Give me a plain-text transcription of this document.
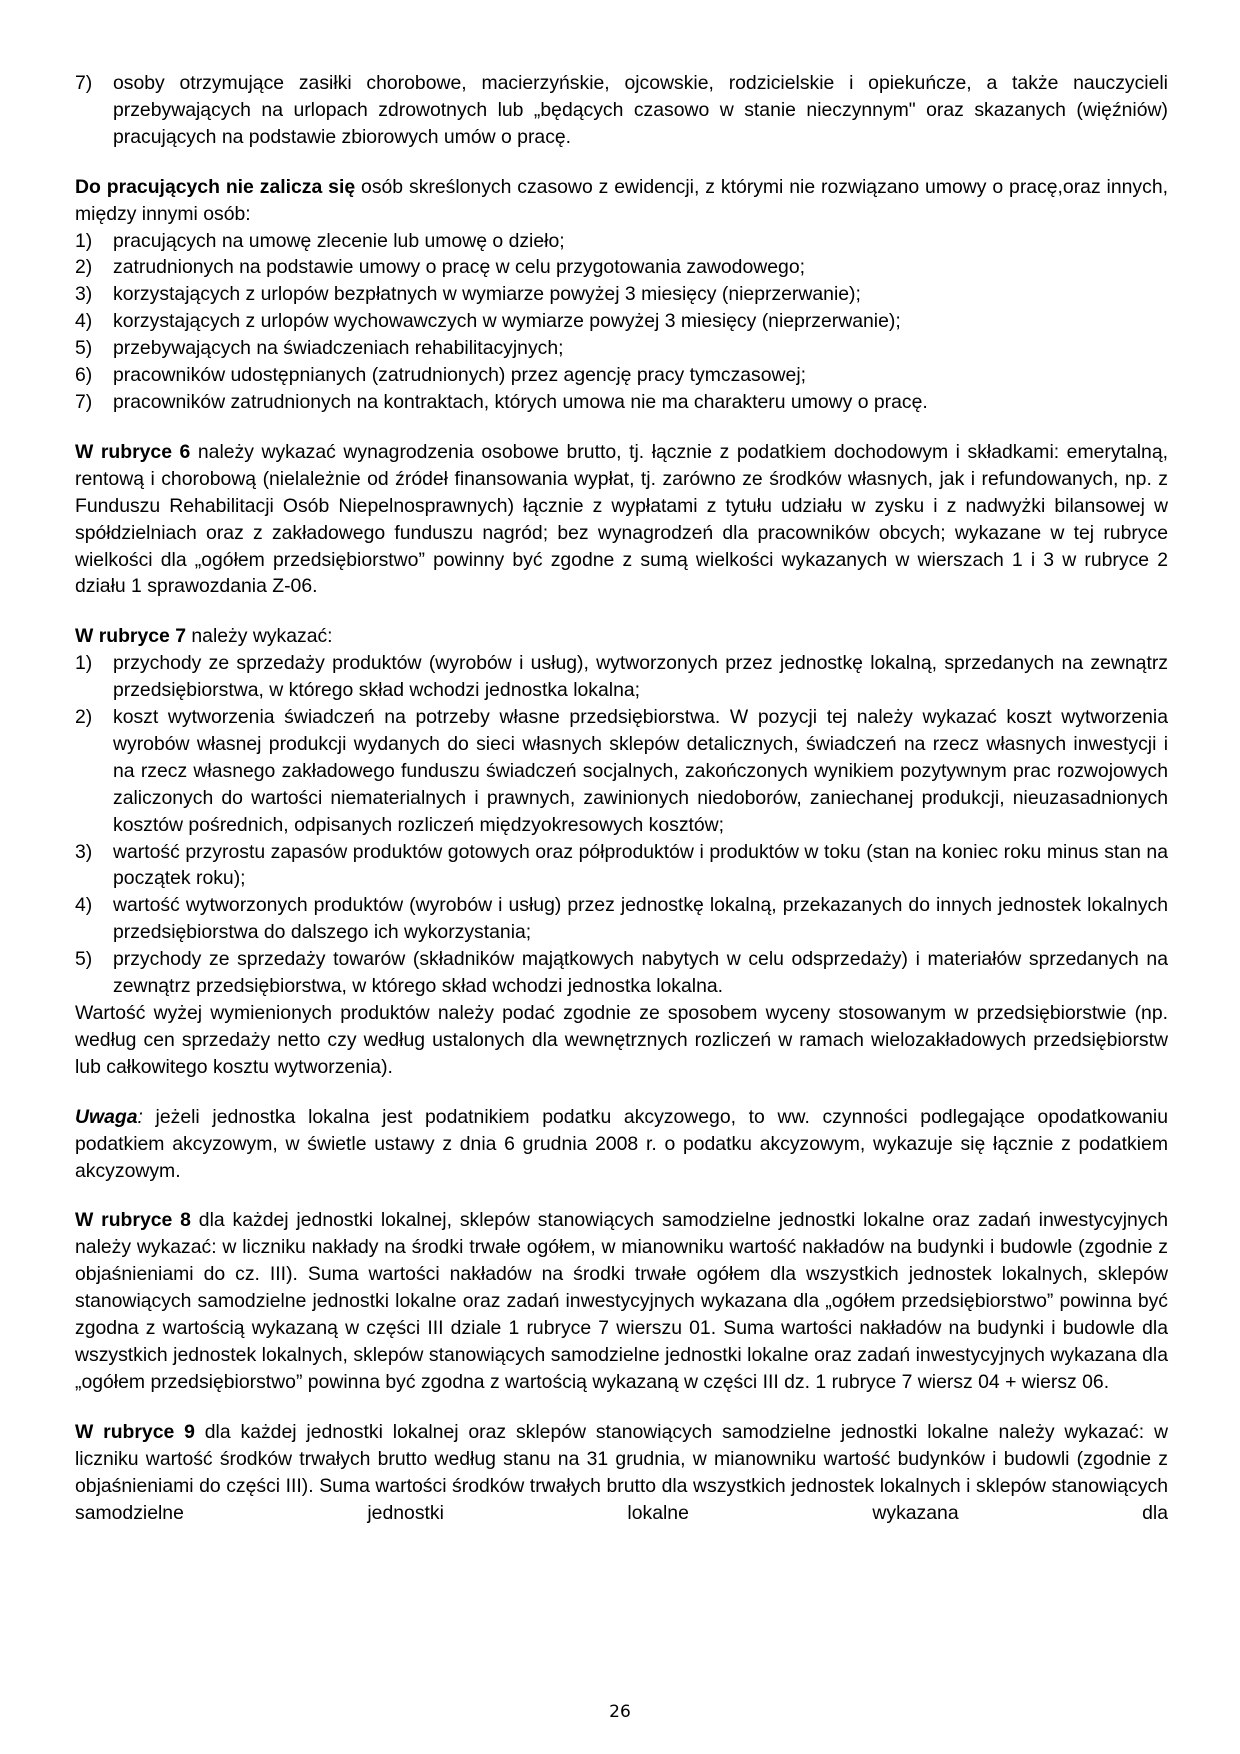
7)	osoby otrzymujące zasiłki chorobowe, macierzyńskie, ojcowskie, rodzicielskie i opiekuńcze, a także nauczycieli przebywających na urlopach zdrowotnych lub „będących czasowo w stanie nieczynnym" oraz skazanych (więźniów) pracujących na podstawie zbiorowych umów o pracę.

Do pracujących nie zalicza się osób skreślonych czasowo z ewidencji, z którymi nie rozwiązano umowy o pracę,oraz innych, między innymi osób:

1)	pracujących na umowę zlecenie lub umowę o dzieło;
2)	zatrudnionych na podstawie umowy o pracę w celu przygotowania zawodowego;
3)	korzystających z urlopów bezpłatnych w wymiarze powyżej 3 miesięcy (nieprzerwanie);
4)	korzystających z urlopów wychowawczych w wymiarze powyżej 3 miesięcy (nieprzerwanie);
5)	przebywających na świadczeniach rehabilitacyjnych;
6)	pracowników udostępnianych (zatrudnionych) przez agencję pracy tymczasowej;
7)	pracowników zatrudnionych na kontraktach, których umowa nie ma charakteru umowy o pracę.

W rubryce 6 należy wykazać wynagrodzenia osobowe brutto, tj. łącznie z podatkiem dochodowym i składkami: emerytalną, rentową i chorobową (nielależnie od źródeł finansowania wypłat, tj. zarówno ze środków własnych, jak i refundowanych, np. z Funduszu Rehabilitacji Osób Niepelnosprawnych) łącznie z wypłatami z tytułu udziału w zysku i z nadwyżki bilansowej w spółdzielniach oraz z zakładowego funduszu nagród; bez wynagrodzeń dla pracowników obcych; wykazane w tej rubryce wielkości dla „ogółem przedsiębiorstwo” powinny być zgodne z sumą wielkości wykazanych w wierszach 1 i 3 w rubryce 2 działu 1 sprawozdania Z-06.

W rubryce 7 należy wykazać:

1)	przychody ze sprzedaży produktów (wyrobów i usług), wytworzonych przez jednostkę lokalną, sprzedanych na zewnątrz przedsiębiorstwa, w którego skład wchodzi jednostka lokalna;
2)	koszt wytworzenia świadczeń na potrzeby własne przedsiębiorstwa. W pozycji tej należy wykazać koszt wytworzenia wyrobów własnej produkcji wydanych do sieci własnych sklepów detalicznych, świadczeń na rzecz własnych inwestycji i na rzecz własnego zakładowego funduszu świadczeń socjalnych, zakończonych wynikiem pozytywnym prac rozwojowych zaliczonych do wartości niematerialnych i prawnych, zawinionych niedoborów, zaniechanej produkcji, nieuzasadnionych kosztów pośrednich, odpisanych rozliczeń międzyokresowych kosztów;
3)	wartość przyrostu zapasów produktów gotowych oraz półproduktów i produktów w toku (stan na koniec roku minus stan na początek roku);
4)	wartość wytworzonych produktów (wyrobów i usług) przez jednostkę lokalną, przekazanych do innych jednostek lokalnych przedsiębiorstwa do dalszego ich wykorzystania;
5)	przychody ze sprzedaży towarów (składników majątkowych nabytych w celu odsprzedaży) i materiałów sprzedanych na zewnątrz przedsiębiorstwa, w którego skład wchodzi jednostka lokalna.

Wartość wyżej wymienionych produktów należy podać zgodnie ze sposobem wyceny stosowanym w przedsiębiorstwie (np. według cen sprzedaży netto czy według ustalonych dla wewnętrznych rozliczeń w ramach wielozakładowych przedsiębiorstw lub całkowitego kosztu wytworzenia).

Uwaga: jeżeli jednostka lokalna jest podatnikiem podatku akcyzowego, to ww. czynności podlegające opodatkowaniu podatkiem akcyzowym, w świetle ustawy z dnia 6 grudnia 2008 r. o podatku akcyzowym, wykazuje się łącznie z podatkiem akcyzowym.

W rubryce 8 dla każdej jednostki lokalnej, sklepów stanowiących samodzielne jednostki lokalne oraz zadań inwestycyjnych należy wykazać: w liczniku nakłady na środki trwałe ogółem, w mianowniku wartość nakładów na budynki i budowle (zgodnie z objaśnieniami do cz. III). Suma wartości nakładów na środki trwałe ogółem dla wszystkich jednostek lokalnych, sklepów stanowiących samodzielne jednostki lokalne oraz zadań inwestycyjnych wykazana dla „ogółem przedsiębiorstwo” powinna być zgodna z wartością wykazaną w części III dziale 1 rubryce 7 wierszu 01. Suma wartości nakładów na budynki i budowle dla wszystkich jednostek lokalnych, sklepów stanowiących samodzielne jednostki lokalne oraz zadań inwestycyjnych wykazana dla „ogółem przedsiębiorstwo” powinna być zgodna z wartością wykazaną w części III dz. 1 rubryce 7 wiersz 04 + wiersz 06.

W rubryce 9 dla każdej jednostki lokalnej oraz sklepów stanowiących samodzielne jednostki lokalne należy wykazać: w liczniku wartość środków trwałych brutto według stanu na 31 grudnia, w mianowniku wartość budynków i budowli (zgodnie z objaśnieniami do części III). Suma wartości środków trwałych brutto dla wszystkich jednostek lokalnych i sklepów stanowiących samodzielne jednostki lokalne wykazana dla

26
